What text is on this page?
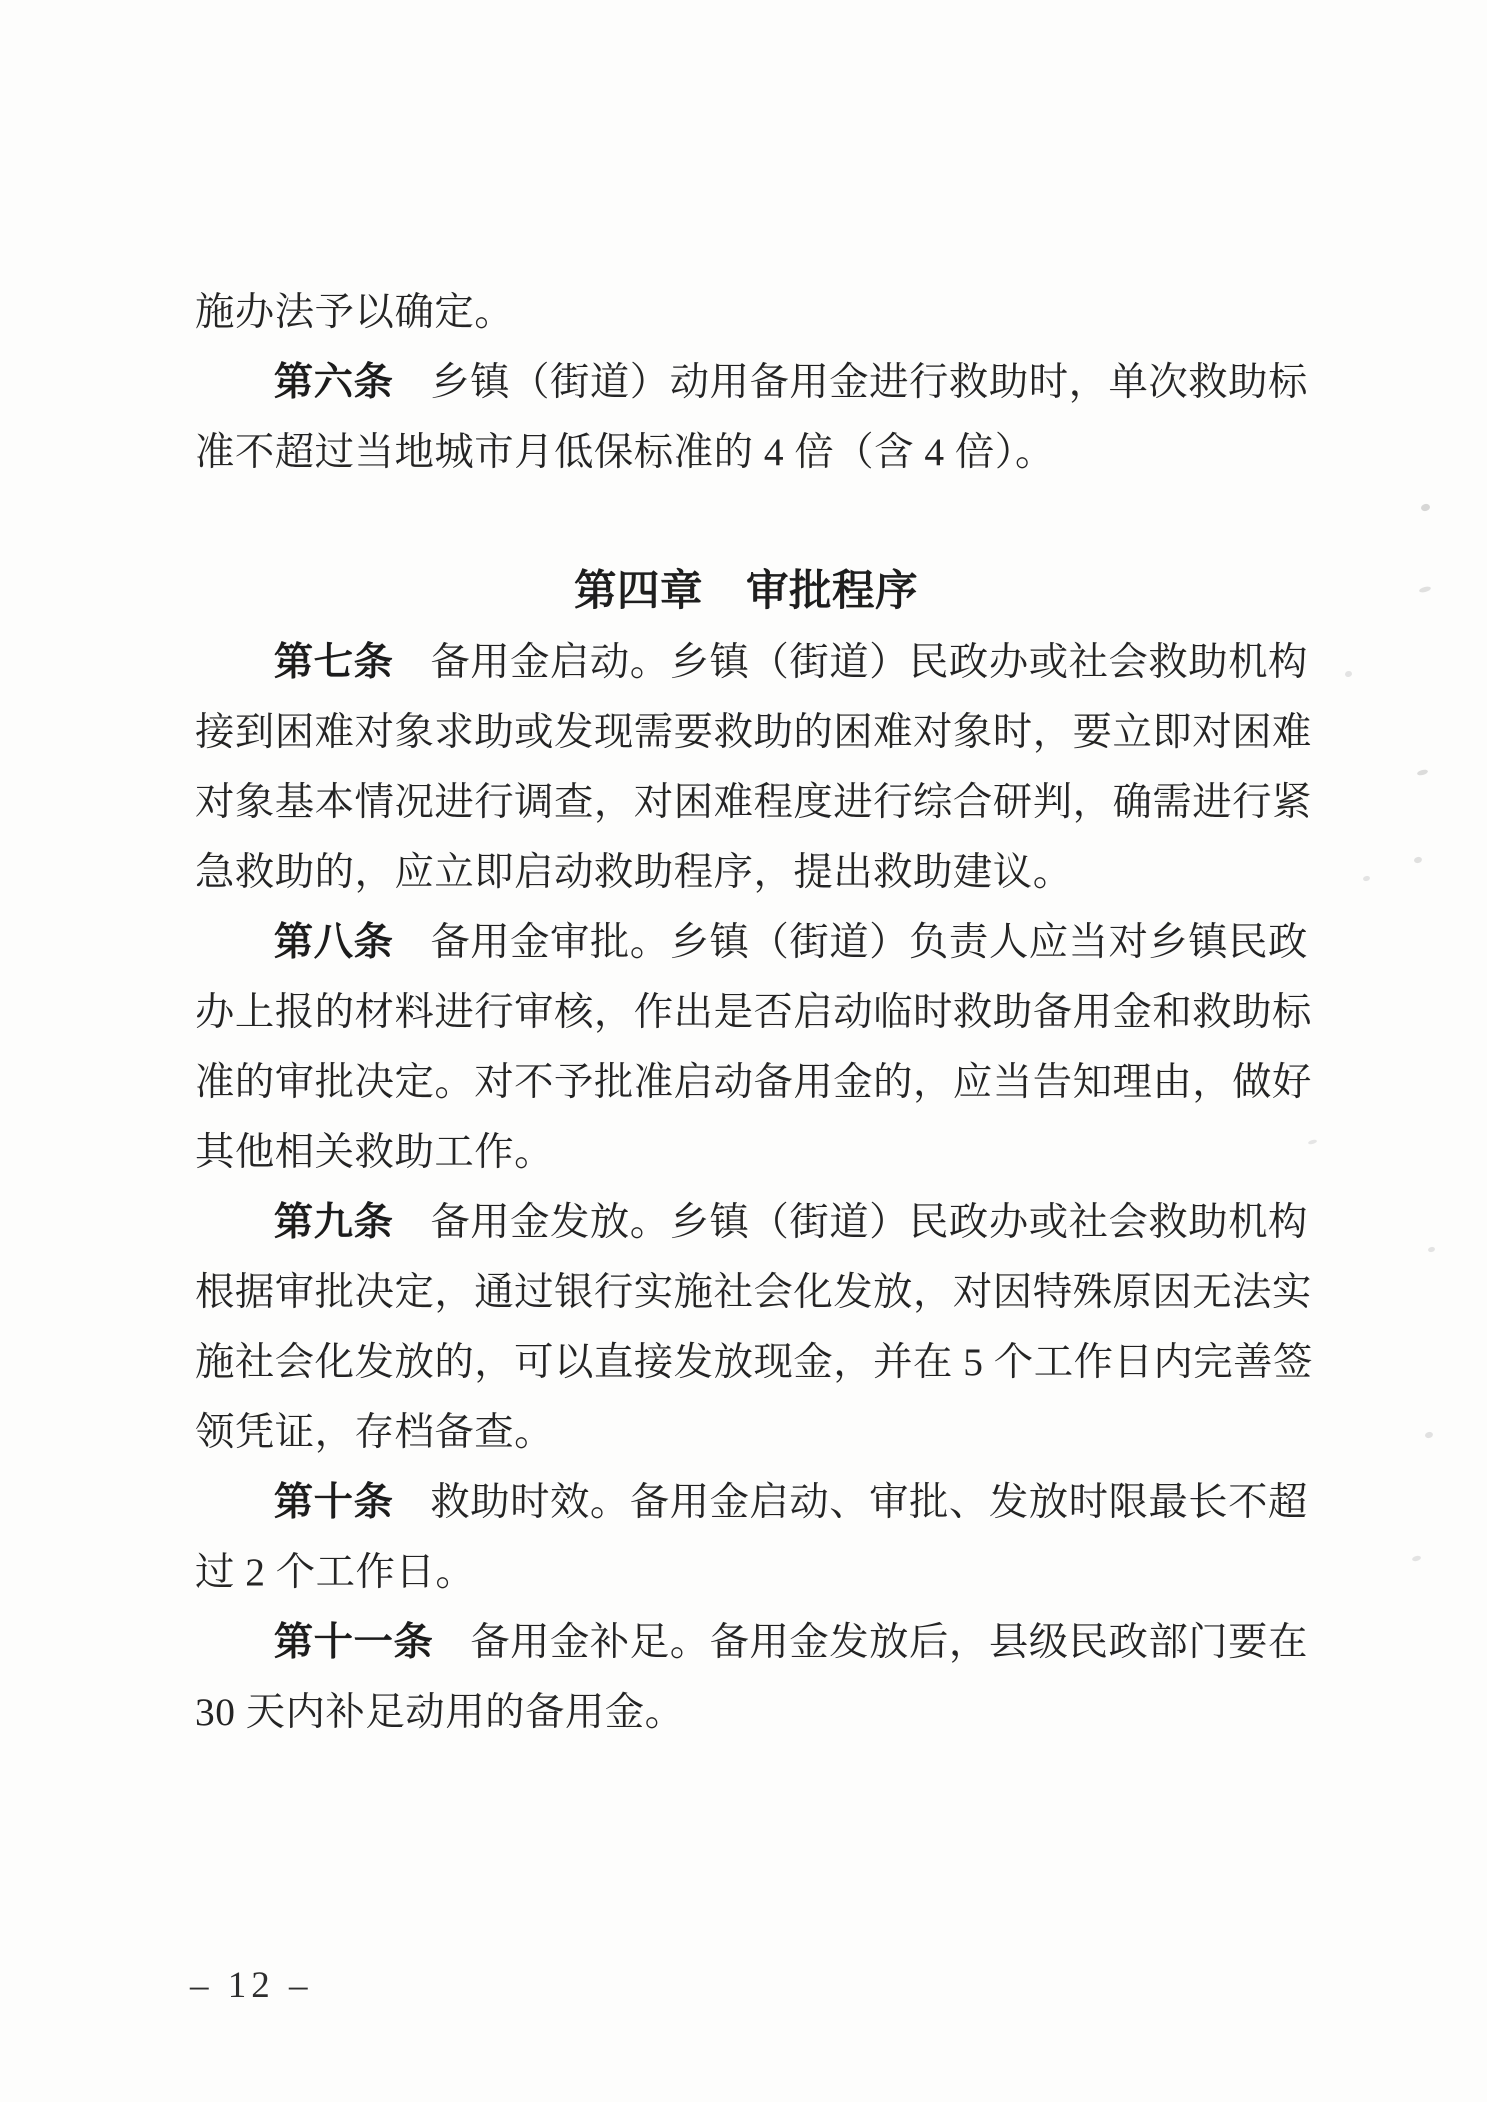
施办法予以确定。
第六条 乡镇（街道）动用备用金进行救助时，单次救助标
准不超过当地城市月低保标准的 4 倍（含 4 倍）。
第四章　审批程序
第七条 备用金启动。乡镇（街道）民政办或社会救助机构
接到困难对象求助或发现需要救助的困难对象时，要立即对困难
对象基本情况进行调查，对困难程度进行综合研判，确需进行紧
急救助的，应立即启动救助程序，提出救助建议。
第八条 备用金审批。乡镇（街道）负责人应当对乡镇民政
办上报的材料进行审核，作出是否启动临时救助备用金和救助标
准的审批决定。对不予批准启动备用金的，应当告知理由，做好
其他相关救助工作。
第九条 备用金发放。乡镇（街道）民政办或社会救助机构
根据审批决定，通过银行实施社会化发放，对因特殊原因无法实
施社会化发放的，可以直接发放现金，并在 5 个工作日内完善签
领凭证，存档备查。
第十条 救助时效。备用金启动、审批、发放时限最长不超
过 2 个工作日。
第十一条 备用金补足。备用金发放后，县级民政部门要在
30 天内补足动用的备用金。
– 12 –
